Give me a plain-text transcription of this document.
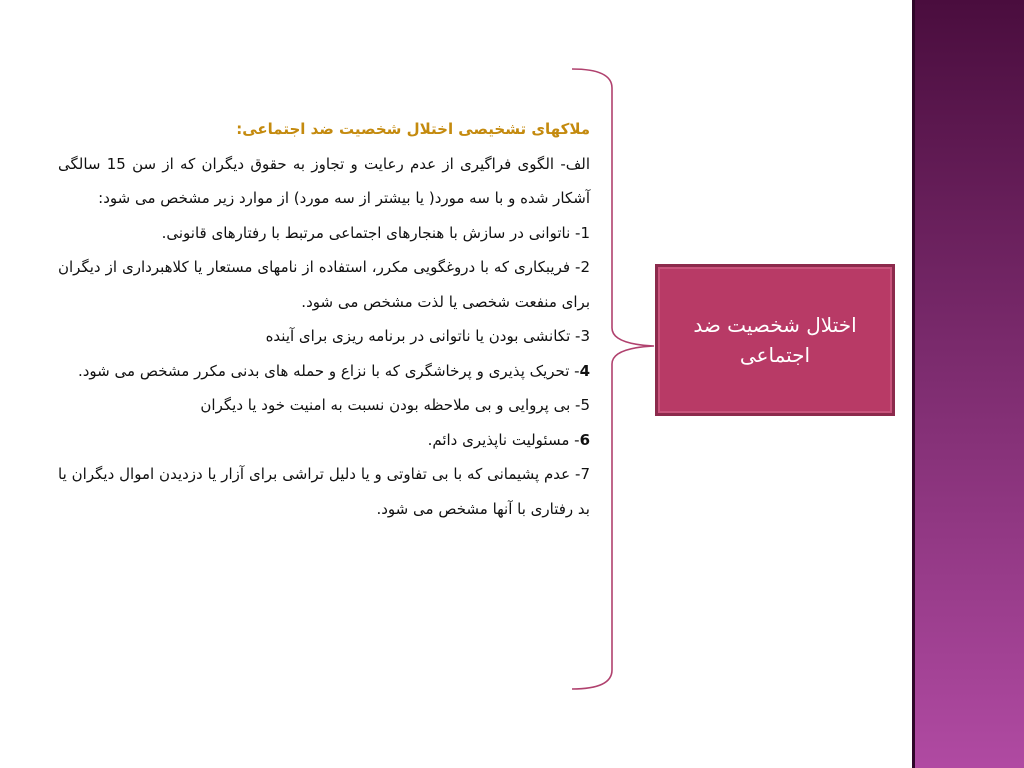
اختلال شخصیت ضد اجتماعی

ملاکهای تشخیصی اختلال شخصیت ضد اجتماعی:

الف- الگوی فراگیری از عدم رعایت و تجاوز به حقوق دیگران که از سن 15 سالگی آشکار شده و با سه مورد( یا بیشتر از سه مورد) از موارد زیر مشخص می شود:

1- ناتوانی در سازش با هنجارهای اجتماعی مرتبط با رفتارهای قانونی.

2- فریبکاری که با دروغگویی مکرر، استفاده از نامهای مستعار یا کلاهبرداری از دیگران برای منفعت شخصی یا لذت مشخص می شود.

3- تکانشی بودن یا ناتوانی در برنامه ریزی برای آینده

4- تحریک پذیری و پرخاشگری که با نزاع و حمله های بدنی مکرر مشخص می شود.

5- بی پروایی و بی ملاحظه بودن نسبت به امنیت خود یا دیگران

6- مسئولیت ناپذیری دائم.

7- عدم پشیمانی که با بی تفاوتی و یا دلیل تراشی برای آزار یا دزدیدن اموال دیگران یا بد رفتاری با آنها مشخص می شود.
